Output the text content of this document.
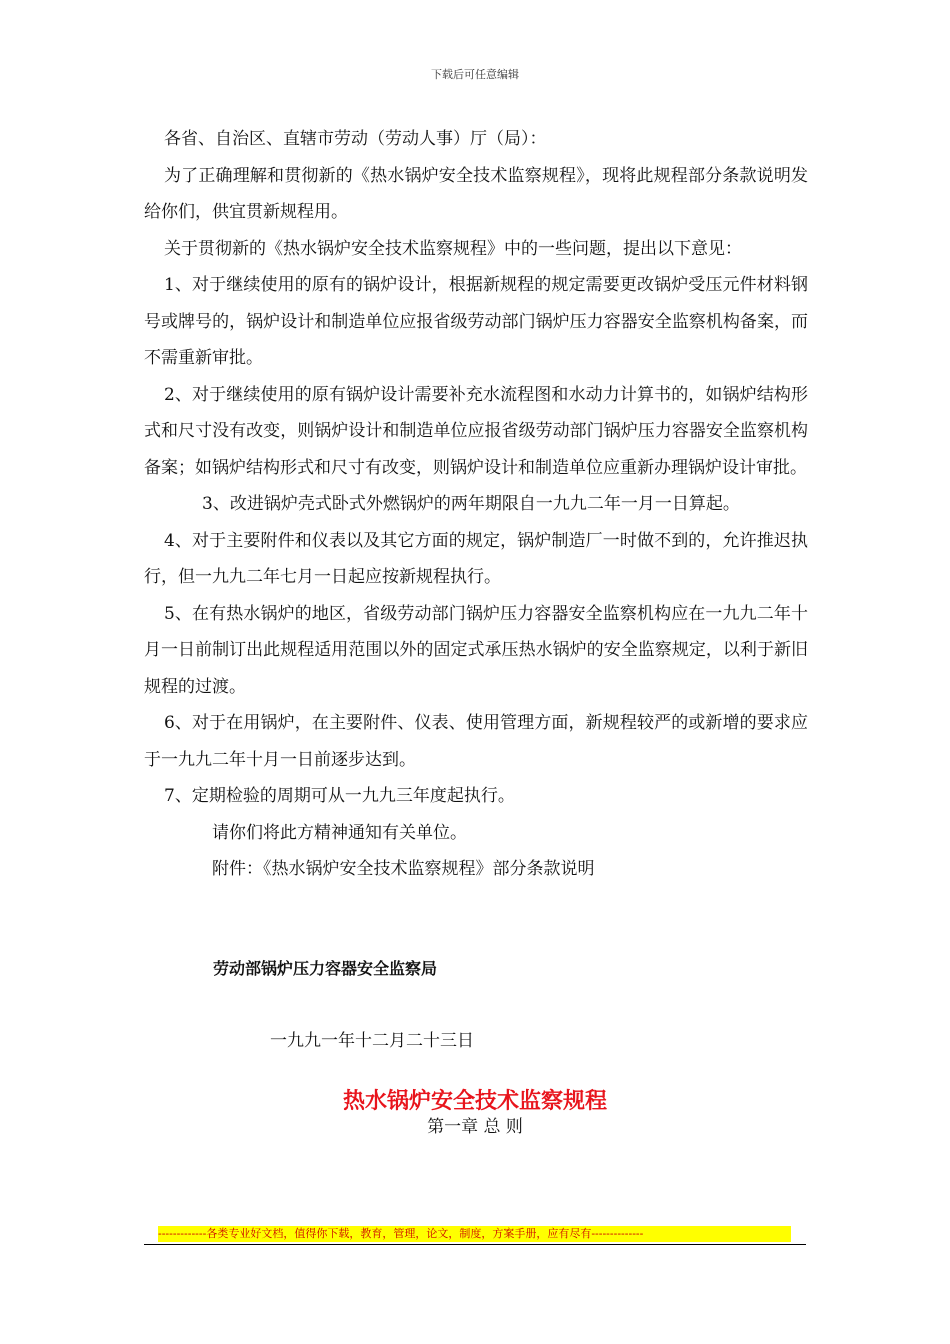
下载后可任意编辑

各省、自治区、直辖市劳动（劳动人事）厅（局）：

为了正确理解和贯彻新的《热水锅炉安全技术监察规程》，现将此规程部分条款说明发给你们，供宜贯新规程用。

关于贯彻新的《热水锅炉安全技术监察规程》中的一些问题，提出以下意见：

1、对于继续使用的原有的锅炉设计，根据新规程的规定需要更改锅炉受压元件材料钢号或牌号的，锅炉设计和制造单位应报省级劳动部门锅炉压力容器安全监察机构备案，而不需重新审批。

2、对于继续使用的原有锅炉设计需要补充水流程图和水动力计算书的，如锅炉结构形式和尺寸没有改变，则锅炉设计和制造单位应报省级劳动部门锅炉压力容器安全监察机构备案；如锅炉结构形式和尺寸有改变，则锅炉设计和制造单位应重新办理锅炉设计审批。

3、改进锅炉壳式卧式外燃锅炉的两年期限自一九九二年一月一日算起。

4、对于主要附件和仪表以及其它方面的规定，锅炉制造厂一时做不到的，允许推迟执行，但一九九二年七月一日起应按新规程执行。

5、在有热水锅炉的地区，省级劳动部门锅炉压力容器安全监察机构应在一九九二年十月一日前制订出此规程适用范围以外的固定式承压热水锅炉的安全监察规定，以利于新旧规程的过渡。

6、对于在用锅炉，在主要附件、仪表、使用管理方面，新规程较严的或新增的要求应于一九九二年十月一日前逐步达到。

7、定期检验的周期可从一九九三年度起执行。

请你们将此方精神通知有关单位。

附件：《热水锅炉安全技术监察规程》部分条款说明

劳动部锅炉压力容器安全监察局
一九九一年十二月二十三日
热水锅炉安全技术监察规程
第一章 总 则
-------------各类专业好文档，值得你下载，教育，管理，论文，制度，方案手册，应有尽有--------------
